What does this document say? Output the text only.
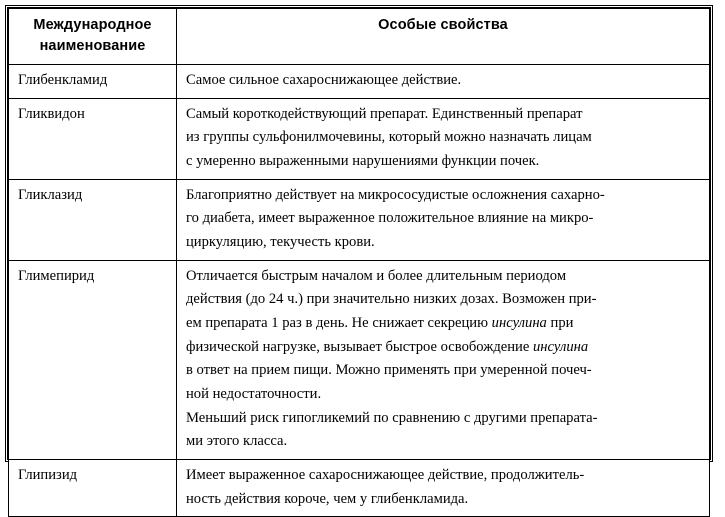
Международное
наименование	Особые свойства
Глибенкламид	Самое сильное сахароснижающее действие.

Гликвидон	Самый короткодействующий препарат. Единственный препарат

из группы сульфонилмочевины, который можно назначать лицам

с умеренно выраженными нарушениями функции почек.

Гликлазид	Благоприятно действует на микрососудистые осложнения сахарно-

го диабета, имеет выраженное положительное влияние на микро-

циркуляцию, текучесть крови.

Глимепирид	Отличается быстрым началом и более длительным периодом

действия (до 24 ч.) при значительно низких дозах. Возможен при-

ем препарата 1 раз в день. Не снижает секрецию инсулина при

физической нагрузке, вызывает быстрое освобождение инсулина

в ответ на прием пищи. Можно применять при умеренной почеч-

ной недостаточности.

Меньший риск гипогликемий по сравнению с другими препарата-

ми этого класса.

Глипизид	Имеет выраженное сахароснижающее действие, продолжитель-

ность действия короче, чем у глибенкламида.
